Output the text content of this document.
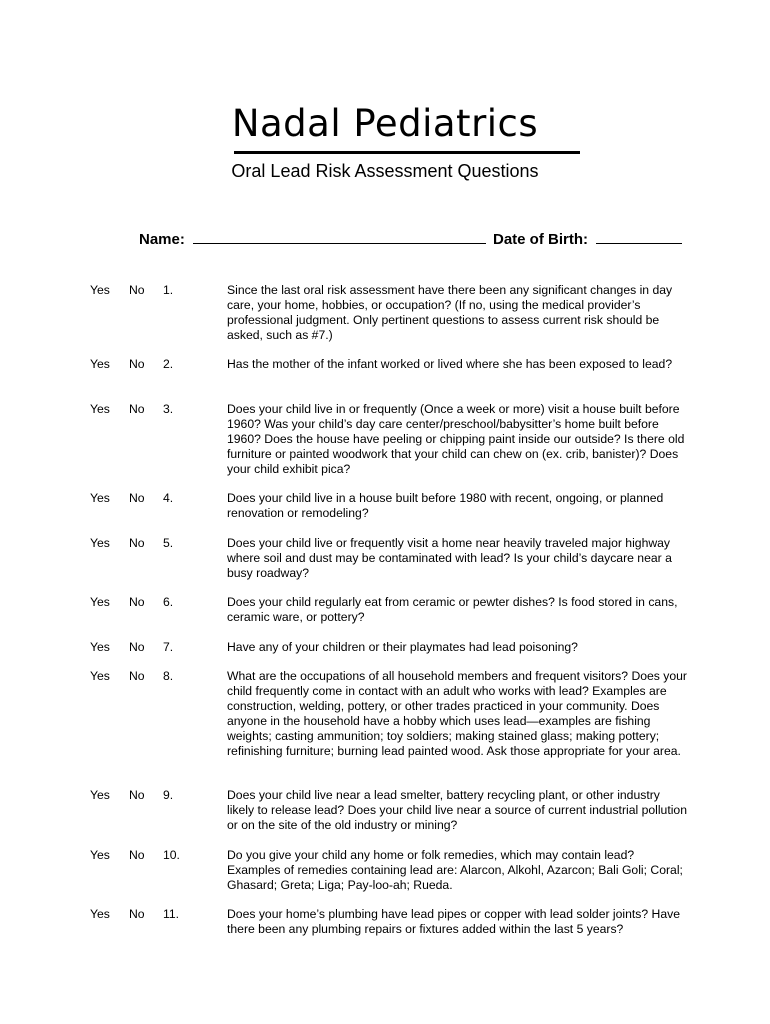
Nadal Pediatrics
Oral Lead Risk Assessment Questions
Name:	Date of Birth:
Yes No 1.	Since the last oral risk assessment have there been any significant changes in day care, your home, hobbies, or occupation? (If no, using the medical provider’s professional judgment. Only pertinent questions to assess current risk should be asked, such as #7.)
Yes No 2.	Has the mother of the infant worked or lived where she has been exposed to lead?
Yes No 3.	Does your child live in or frequently (Once a week or more) visit a house built before 1960? Was your child’s day care center/preschool/babysitter’s home built before 1960? Does the house have peeling or chipping paint inside our outside? Is there old furniture or painted woodwork that your child can chew on (ex. crib, banister)? Does your child exhibit pica?
Yes No 4.	Does your child live in a house built before 1980 with recent, ongoing, or planned renovation or remodeling?
Yes No 5.	Does your child live or frequently visit a home near heavily traveled major highway where soil and dust may be contaminated with lead? Is your child’s daycare near a busy roadway?
Yes No 6.	Does your child regularly eat from ceramic or pewter dishes? Is food stored in cans, ceramic ware, or pottery?
Yes No 7.	Have any of your children or their playmates had lead poisoning?
Yes No 8.	What are the occupations of all household members and frequent visitors? Does your child frequently come in contact with an adult who works with lead? Examples are construction, welding, pottery, or other trades practiced in your community. Does anyone in the household have a hobby which uses lead—examples are fishing weights; casting ammunition; toy soldiers; making stained glass; making pottery; refinishing furniture; burning lead painted wood. Ask those appropriate for your area.
Yes No 9.	Does your child live near a lead smelter, battery recycling plant, or other industry likely to release lead? Does your child live near a source of current industrial pollution or on the site of the old industry or mining?
Yes No 10.	Do you give your child any home or folk remedies, which may contain lead? Examples of remedies containing lead are: Alarcon, Alkohl, Azarcon; Bali Goli; Coral; Ghasard; Greta; Liga; Pay-loo-ah; Rueda.
Yes No 11.	Does your home’s plumbing have lead pipes or copper with lead solder joints? Have there been any plumbing repairs or fixtures added within the last 5 years?
